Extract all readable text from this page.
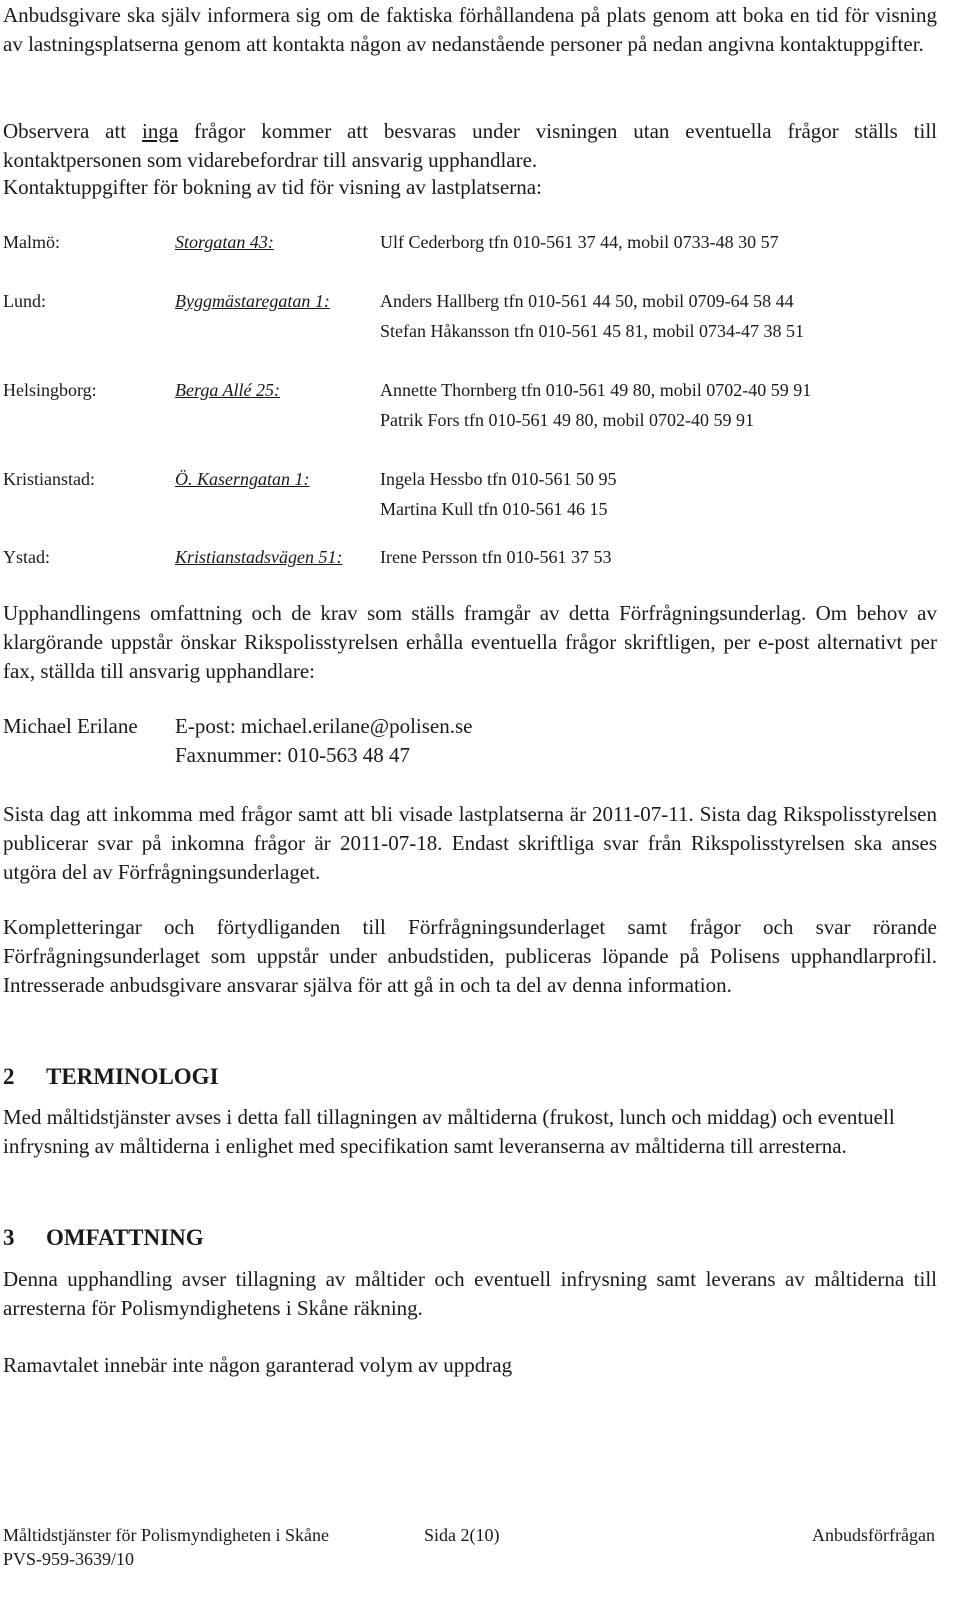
Anbudsgivare ska själv informera sig om de faktiska förhållandena på plats genom att boka en tid för visning av lastningsplatserna genom att kontakta någon av nedanstående personer på nedan angivna kontaktuppgifter.

Observera att inga frågor kommer att besvaras under visningen utan eventuella frågor ställs till kontaktpersonen som vidarebefordrar till ansvarig upphandlare.

Kontaktuppgifter för bokning av tid för visning av lastplatserna:

Malmö:	Storgatan 43:	Ulf Cederborg tfn 010-561 37 44, mobil 0733-48 30 57
Lund:	Byggmästaregatan 1:	Anders Hallberg tfn 010-561 44 50, mobil 0709-64 58 44
Stefan Håkansson tfn 010-561 45 81, mobil 0734-47 38 51
Helsingborg:	Berga Allé 25:	Annette Thornberg tfn 010-561 49 80, mobil 0702-40 59 91
Patrik Fors tfn 010-561 49 80, mobil 0702-40 59 91
Kristianstad:	Ö. Kaserngatan 1:	Ingela Hessbo tfn 010-561 50 95
Martina Kull tfn 010-561 46 15
Ystad:	Kristianstadsvägen 51: Irene Persson tfn 010-561 37 53

Upphandlingens omfattning och de krav som ställs framgår av detta Förfrågningsunderlag. Om behov av klargörande uppstår önskar Rikspolisstyrelsen erhålla eventuella frågor skriftligen, per e-post alternativt per fax, ställda till ansvarig upphandlare:

Michael Erilane E-post: michael.erilane@polisen.se
Faxnummer: 010-563 48 47

Sista dag att inkomma med frågor samt att bli visade lastplatserna är 2011-07-11. Sista dag Rikspolisstyrelsen publicerar svar på inkomna frågor är 2011-07-18. Endast skriftliga svar från Rikspolisstyrelsen ska anses utgöra del av Förfrågningsunderlaget.

Kompletteringar och förtydliganden till Förfrågningsunderlaget samt frågor och svar rörande Förfrågningsunderlaget som uppstår under anbudstiden, publiceras löpande på Polisens upphandlarprofil. Intresserade anbudsgivare ansvarar själva för att gå in och ta del av denna information.

2 TERMINOLOGI

Med måltidstjänster avses i detta fall tillagningen av måltiderna (frukost, lunch och middag) och eventuell infrysning av måltiderna i enlighet med specifikation samt leveranserna av måltiderna till arresterna.

3 OMFATTNING

Denna upphandling avser tillagning av måltider och eventuell infrysning samt leverans av måltiderna till arresterna för Polismyndighetens i Skåne räkning.

Ramavtalet innebär inte någon garanterad volym av uppdrag

Måltidstjänster för Polismyndigheten i Skåne	Sida 2(10)	Anbudsförfrågan
PVS-959-3639/10
